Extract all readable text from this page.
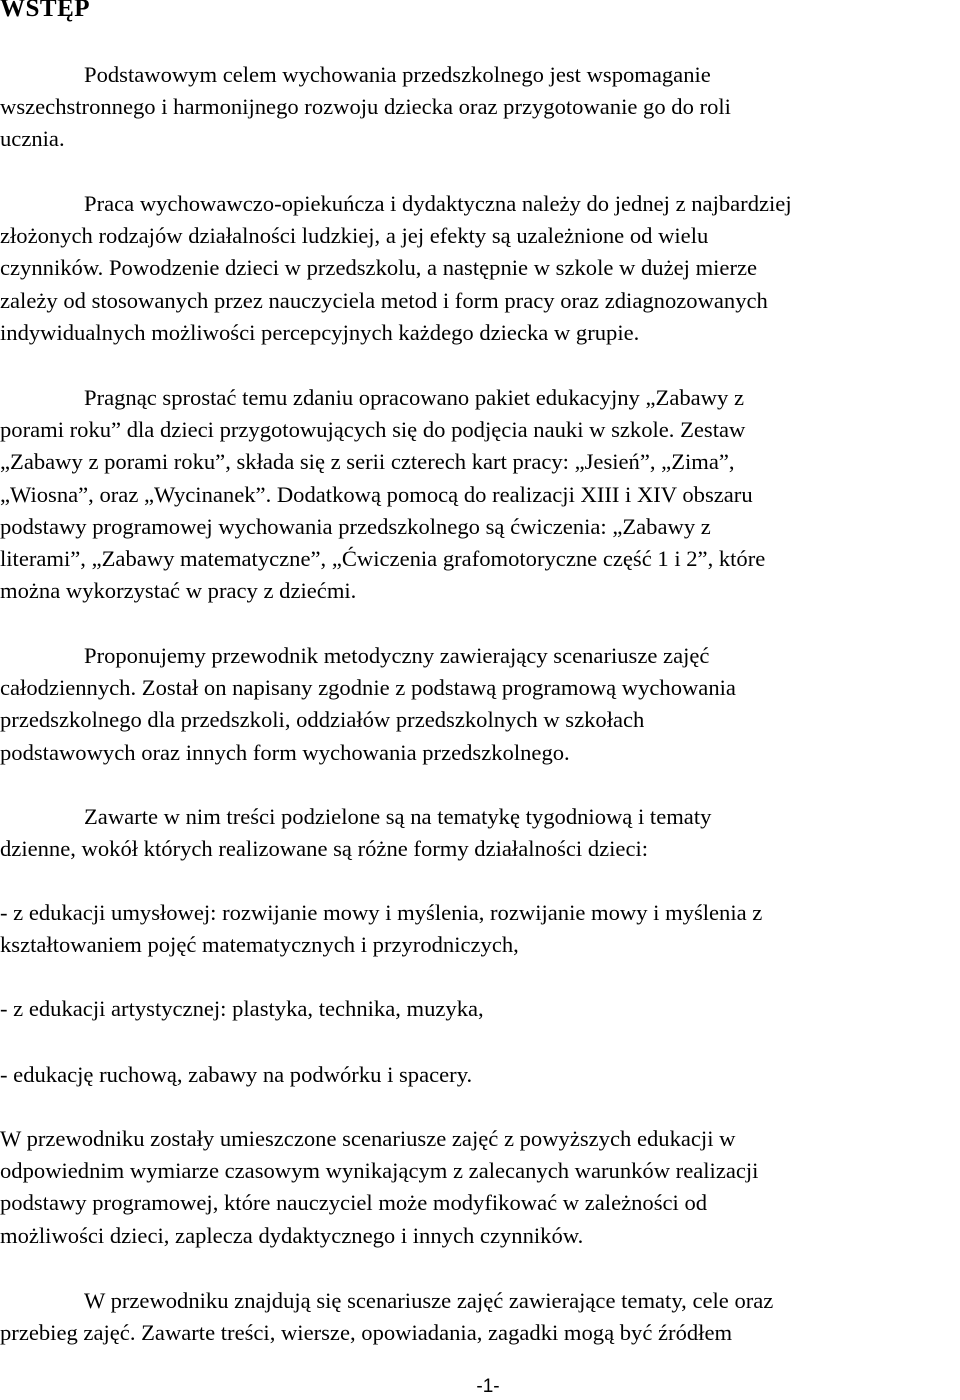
WSTĘP

Podstawowym celem wychowania przedszkolnego jest wspomaganie
wszechstronnego i harmonijnego rozwoju dziecka oraz przygotowanie go do roli
ucznia.

Praca wychowawczo-opiekuńcza i dydaktyczna należy do jednej z najbardziej
złożonych rodzajów działalności ludzkiej, a jej efekty są uzależnione od wielu
czynników. Powodzenie dzieci w przedszkolu, a następnie w szkole w dużej mierze
zależy od stosowanych przez nauczyciela metod i form pracy oraz zdiagnozowanych
indywidualnych możliwości percepcyjnych każdego dziecka w grupie.

Pragnąc sprostać temu zdaniu opracowano pakiet edukacyjny „Zabawy z
porami roku” dla dzieci przygotowujących się do podjęcia nauki w szkole. Zestaw
„Zabawy z porami roku”, składa się z serii czterech kart pracy: „Jesień”, „Zima”,
„Wiosna”, oraz „Wycinanek”. Dodatkową pomocą do realizacji XIII i XIV obszaru
podstawy programowej wychowania przedszkolnego są ćwiczenia: „Zabawy z
literami”, „Zabawy matematyczne”, „Ćwiczenia grafomotoryczne część 1 i 2”, które
można wykorzystać w pracy z dziećmi.

Proponujemy przewodnik metodyczny zawierający scenariusze zajęć
całodziennych. Został on napisany zgodnie z podstawą programową wychowania
przedszkolnego dla przedszkoli, oddziałów przedszkolnych w szkołach
podstawowych oraz innych form wychowania przedszkolnego.

Zawarte w nim treści podzielone są na tematykę tygodniową i tematy
dzienne, wokół których realizowane są różne formy działalności dzieci:

- z edukacji umysłowej: rozwijanie mowy i myślenia, rozwijanie mowy i myślenia z
kształtowaniem pojęć matematycznych i przyrodniczych,

- z edukacji artystycznej: plastyka, technika, muzyka,

- edukację ruchową, zabawy na podwórku i spacery.

W przewodniku zostały umieszczone scenariusze zajęć z powyższych edukacji w
odpowiednim wymiarze czasowym wynikającym z zalecanych warunków realizacji
podstawy programowej, które nauczyciel może modyfikować w zależności od
możliwości dzieci, zaplecza dydaktycznego i innych czynników.

W przewodniku znajdują się scenariusze zajęć zawierające tematy, cele oraz
przebieg zajęć. Zawarte treści, wiersze, opowiadania, zagadki mogą być źródłem

-1-
